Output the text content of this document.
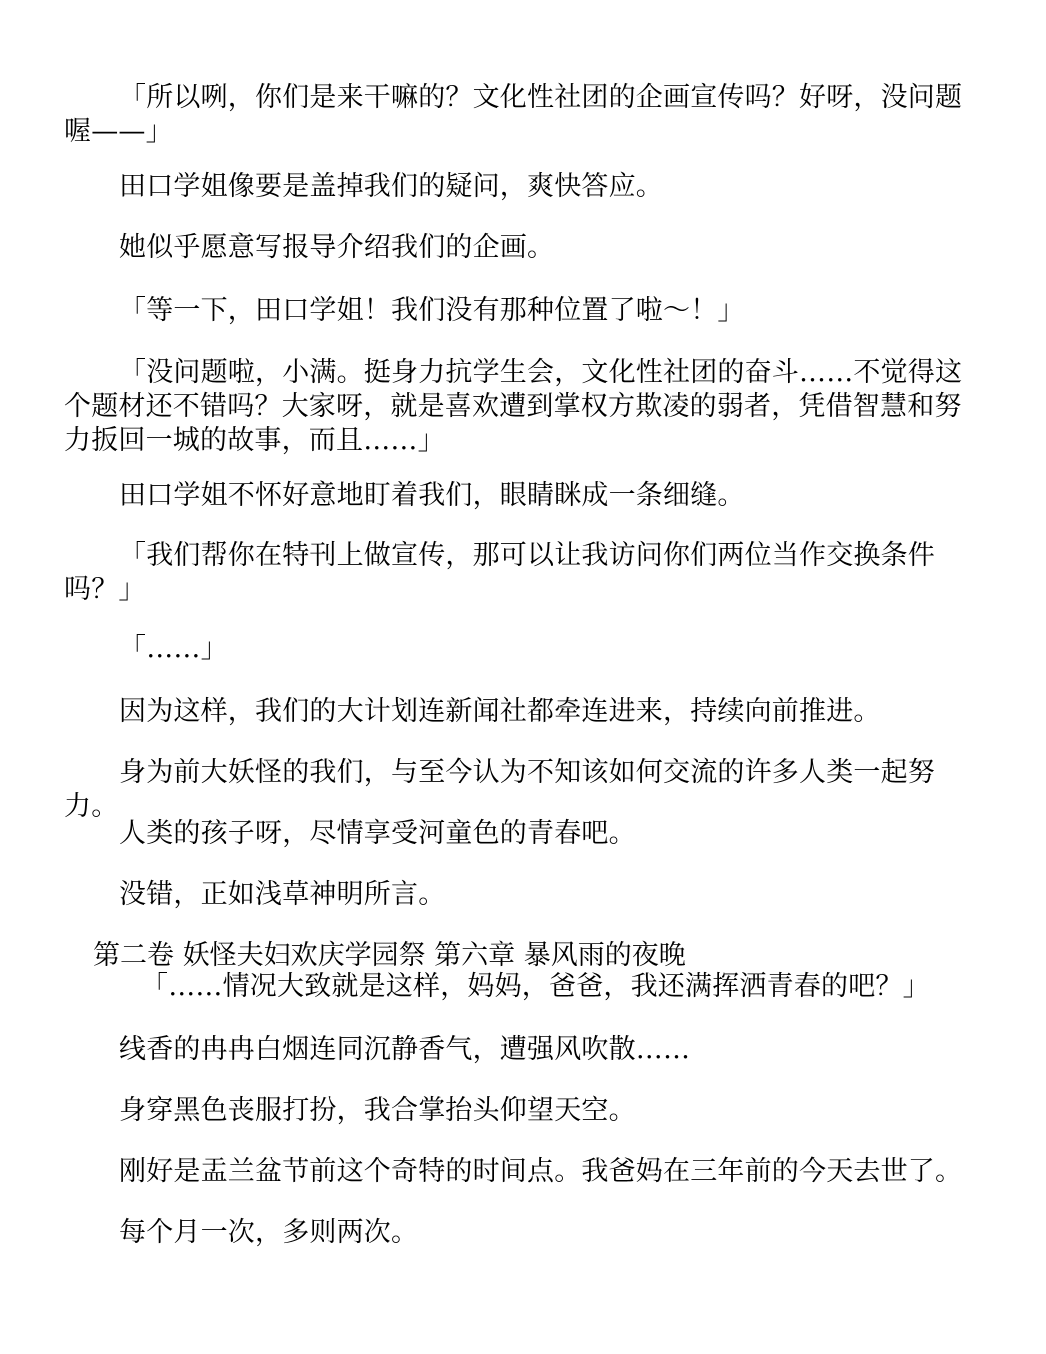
「所以咧，你们是来干嘛的？文化性社团的企画宣传吗？好呀，没问题喔——」
田口学姐像要是盖掉我们的疑问，爽快答应。
她似乎愿意写报导介绍我们的企画。
「等一下，田口学姐！我们没有那种位置了啦～！」
「没问题啦，小满。挺身力抗学生会，文化性社团的奋斗……不觉得这个题材还不错吗？大家呀，就是喜欢遭到掌权方欺凌的弱者，凭借智慧和努力扳回一城的故事，而且……」
田口学姐不怀好意地盯着我们，眼睛眯成一条细缝。
「我们帮你在特刊上做宣传，那可以让我访问你们两位当作交换条件吗？」
「……」
因为这样，我们的大计划连新闻社都牵连进来，持续向前推进。
身为前大妖怪的我们，与至今认为不知该如何交流的许多人类一起努力。
人类的孩子呀，尽情享受河童色的青春吧。
没错，正如浅草神明所言。
第二卷 妖怪夫妇欢庆学园祭 第六章 暴风雨的夜晚
「……情况大致就是这样，妈妈，爸爸，我还满挥洒青春的吧？」
线香的冉冉白烟连同沉静香气，遭强风吹散……
身穿黑色丧服打扮，我合掌抬头仰望天空。
刚好是盂兰盆节前这个奇特的时间点。我爸妈在三年前的今天去世了。
每个月一次，多则两次。
